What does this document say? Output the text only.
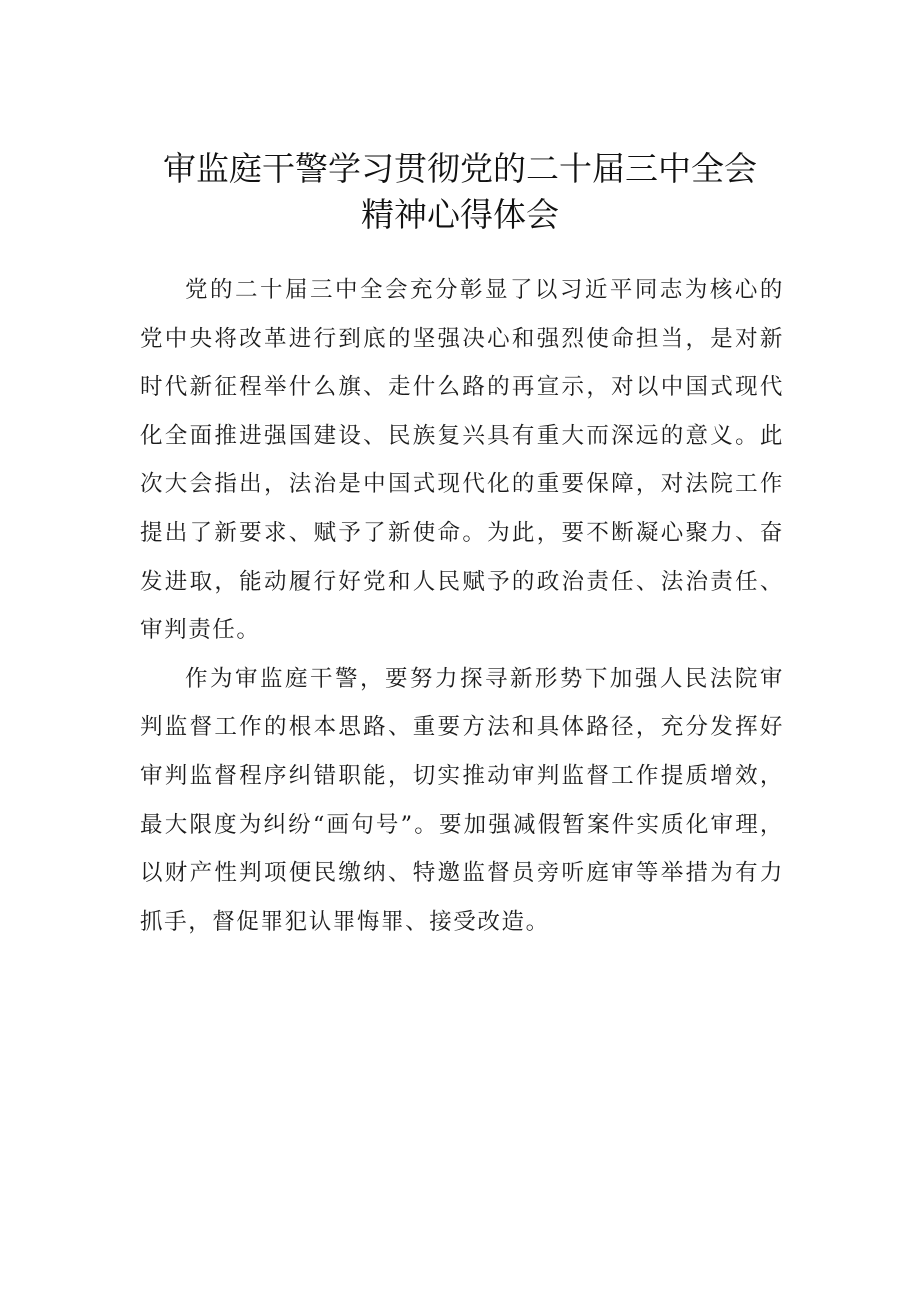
审监庭干警学习贯彻党的二十届三中全会
精神心得体会

党的二十届三中全会充分彰显了以习近平同志为核心的党中央将改革进行到底的坚强决心和强烈使命担当，是对新时代新征程举什么旗、走什么路的再宣示，对以中国式现代化全面推进强国建设、民族复兴具有重大而深远的意义。此次大会指出，法治是中国式现代化的重要保障，对法院工作提出了新要求、赋予了新使命。为此，要不断凝心聚力、奋发进取，能动履行好党和人民赋予的政治责任、法治责任、审判责任。

作为审监庭干警，要努力探寻新形势下加强人民法院审判监督工作的根本思路、重要方法和具体路径，充分发挥好审判监督程序纠错职能，切实推动审判监督工作提质增效，最大限度为纠纷“画句号”。要加强减假暂案件实质化审理，以财产性判项便民缴纳、特邀监督员旁听庭审等举措为有力抓手，督促罪犯认罪悔罪、接受改造。
